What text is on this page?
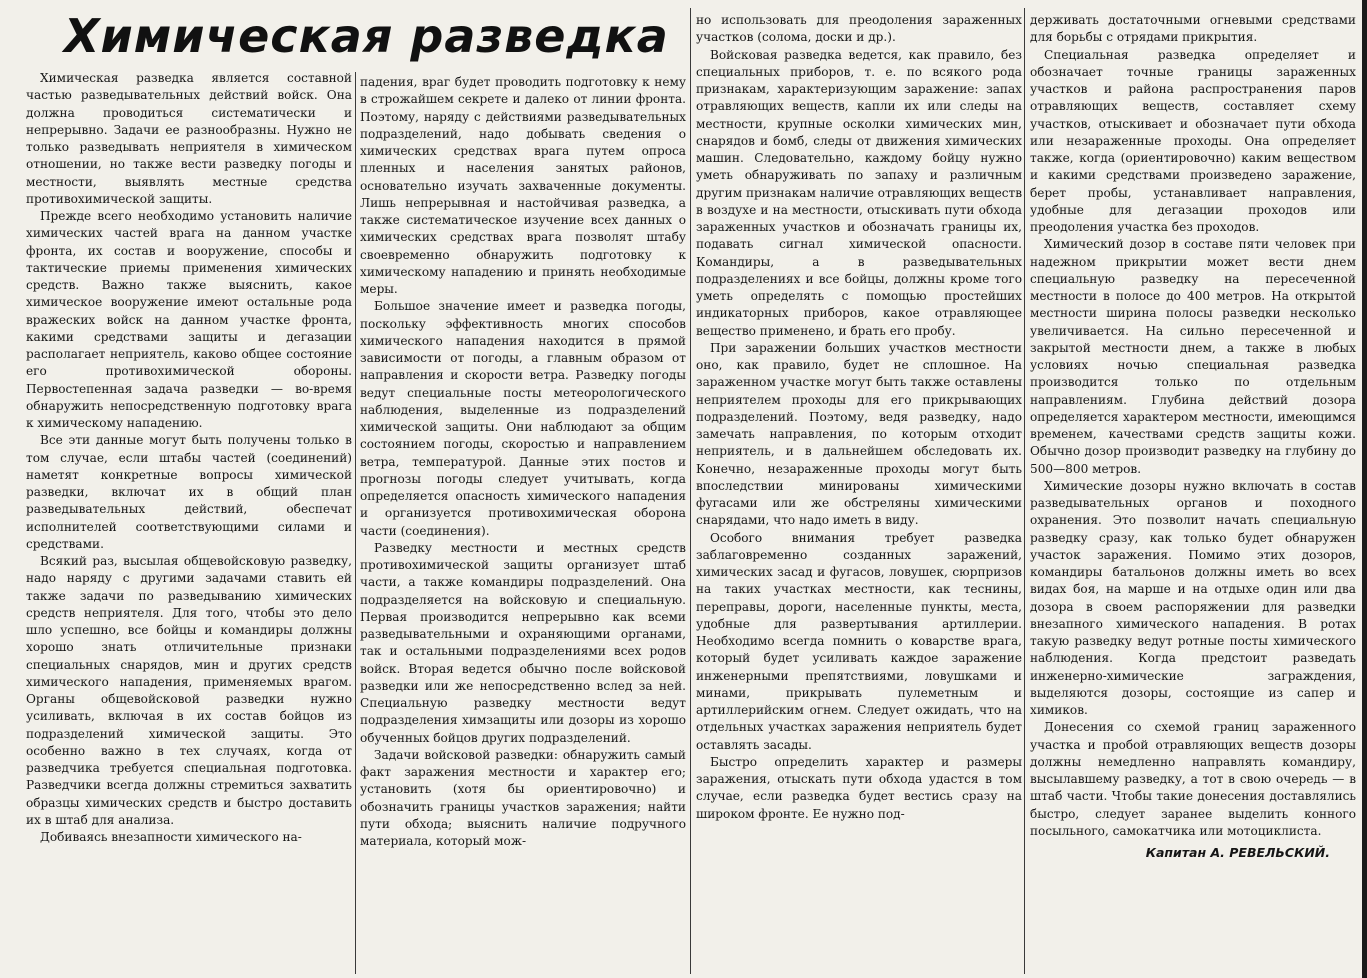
Химическая разведка

Химическая разведка является составной частью разведывательных действий войск. Она должна проводиться систематически и непрерывно. Задачи ее разнообразны. Нужно не только разведывать неприятеля в химическом отношении, но также вести разведку погоды и местности, выявлять местные средства противохимической защиты.

Прежде всего необходимо установить наличие химических частей врага на данном участке фронта, их состав и вооружение, способы и тактические приемы применения химических средств. Важно также выяснить, какое химическое вооружение имеют остальные рода вражеских войск на данном участке фронта, какими средствами защиты и дегазации располагает неприятель, каково общее состояние его противохимической обороны. Первостепенная задача разведки — во-время обнаружить непосредственную подготовку врага к химическому нападению.

Все эти данные могут быть получены только в том случае, если штабы частей (соединений) наметят конкретные вопросы химической разведки, включат их в общий план разведывательных действий, обеспечат исполнителей соответствующими силами и средствами.

Всякий раз, высылая общевойсковую разведку, надо наряду с другими задачами ставить ей также задачи по разведыванию химических средств неприятеля. Для того, чтобы это дело шло успешно, все бойцы и командиры должны хорошо знать отличительные признаки специальных снарядов, мин и других средств химического нападения, применяемых врагом. Органы общевойсковой разведки нужно усиливать, включая в их состав бойцов из подразделений химической защиты. Это особенно важно в тех случаях, когда от разведчика требуется специальная подготовка. Разведчики всегда должны стремиться захватить образцы химических средств и быстро доставить их в штаб для анализа.

Добиваясь внезапности химического на-

падения, враг будет проводить подготовку к нему в строжайшем секрете и далеко от линии фронта. Поэтому, наряду с действиями разведывательных подразделений, надо добывать сведения о химических средствах врага путем опроса пленных и населения занятых районов, основательно изучать захваченные документы. Лишь непрерывная и настойчивая разведка, а также систематическое изучение всех данных о химических средствах врага позволят штабу своевременно обнаружить подготовку к химическому нападению и принять необходимые меры.

Большое значение имеет и разведка погоды, поскольку эффективность многих способов химического нападения находится в прямой зависимости от погоды, а главным образом от направления и скорости ветра. Разведку погоды ведут специальные посты метеорологического наблюдения, выделенные из подразделений химической защиты. Они наблюдают за общим состоянием погоды, скоростью и направлением ветра, температурой. Данные этих постов и прогнозы погоды следует учитывать, когда определяется опасность химического нападения и организуется противохимическая оборона части (соединения).

Разведку местности и местных средств противохимической защиты организует штаб части, а также командиры подразделений. Она подразделяется на войсковую и специальную. Первая производится непрерывно как всеми разведывательными и охраняющими органами, так и остальными подразделениями всех родов войск. Вторая ведется обычно после войсковой разведки или же непосредственно вслед за ней. Специальную разведку местности ведут подразделения химзащиты или дозоры из хорошо обученных бойцов других подразделений.

Задачи войсковой разведки: обнаружить самый факт заражения местности и характер его; установить (хотя бы ориентировочно) и обозначить границы участков заражения; найти пути обхода; выяснить наличие подручного материала, который мож-

но использовать для преодоления зараженных участков (солома, доски и др.).

Войсковая разведка ведется, как правило, без специальных приборов, т. е. по всякого рода признакам, характеризующим заражение: запах отравляющих веществ, капли их или следы на местности, крупные осколки химических мин, снарядов и бомб, следы от движения химических машин. Следовательно, каждому бойцу нужно уметь обнаруживать по запаху и различным другим признакам наличие отравляющих веществ в воздухе и на местности, отыскивать пути обхода зараженных участков и обозначать границы их, подавать сигнал химической опасности. Командиры, а в разведывательных подразделениях и все бойцы, должны кроме того уметь определять с помощью простейших индикаторных приборов, какое отравляющее вещество применено, и брать его пробу.

При заражении больших участков местности оно, как правило, будет не сплошное. На зараженном участке могут быть также оставлены неприятелем проходы для его прикрывающих подразделений. Поэтому, ведя разведку, надо замечать направления, по которым отходит неприятель, и в дальнейшем обследовать их. Конечно, незараженные проходы могут быть впоследствии минированы химическими фугасами или же обстреляны химическими снарядами, что надо иметь в виду.

Особого внимания требует разведка заблаговременно созданных заражений, химических засад и фугасов, ловушек, сюрпризов на таких участках местности, как теснины, переправы, дороги, населенные пункты, места, удобные для развертывания артиллерии. Необходимо всегда помнить о коварстве врага, который будет усиливать каждое заражение инженерными препятствиями, ловушками и минами, прикрывать пулеметным и артиллерийским огнем. Следует ожидать, что на отдельных участках заражения неприятель будет оставлять засады.

Быстро определить характер и размеры заражения, отыскать пути обхода удастся в том случае, если разведка будет вестись сразу на широком фронте. Ее нужно под-

держивать достаточными огневыми средствами для борьбы с отрядами прикрытия.

Специальная разведка определяет и обозначает точные границы зараженных участков и района распространения паров отравляющих веществ, составляет схему участков, отыскивает и обозначает пути обхода или незараженные проходы. Она определяет также, когда (ориентировочно) каким веществом и какими средствами произведено заражение, берет пробы, устанавливает направления, удобные для дегазации проходов или преодоления участка без проходов.

Химический дозор в составе пяти человек при надежном прикрытии может вести днем специальную разведку на пересеченной местности в полосе до 400 метров. На открытой местности ширина полосы разведки несколько увеличивается. На сильно пересеченной и закрытой местности днем, а также в любых условиях ночью специальная разведка производится только по отдельным направлениям. Глубина действий дозора определяется характером местности, имеющимся временем, качествами средств защиты кожи. Обычно дозор производит разведку на глубину до 500—800 метров.

Химические дозоры нужно включать в состав разведывательных органов и походного охранения. Это позволит начать специальную разведку сразу, как только будет обнаружен участок заражения. Помимо этих дозоров, командиры батальонов должны иметь во всех видах боя, на марше и на отдыхе один или два дозора в своем распоряжении для разведки внезапного химического нападения. В ротах такую разведку ведут ротные посты химического наблюдения. Когда предстоит разведать инженерно-химические заграждения, выделяются дозоры, состоящие из сапер и химиков.

Донесения со схемой границ зараженного участка и пробой отравляющих веществ дозоры должны немедленно направлять командиру, высылавшему разведку, а тот в свою очередь — в штаб части. Чтобы такие донесения доставлялись быстро, следует заранее выделить конного посыльного, самокатчика или мотоциклиста.

Капитан А. РЕВЕЛЬСКИЙ.
